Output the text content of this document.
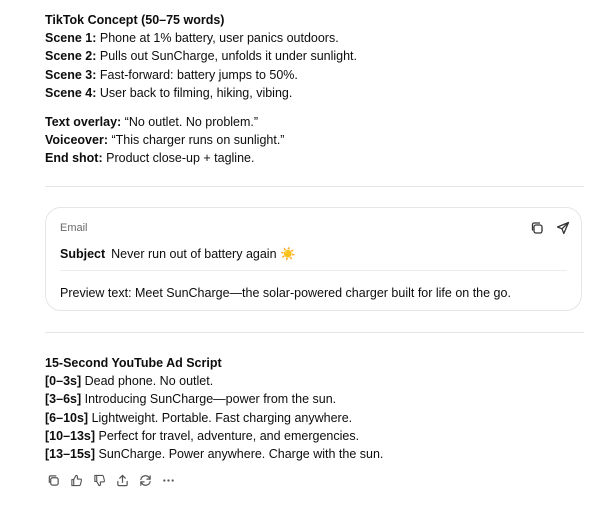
TikTok Concept (50–75 words)
Scene 1: Phone at 1% battery, user panics outdoors.
Scene 2: Pulls out SunCharge, unfolds it under sunlight.
Scene 3: Fast-forward: battery jumps to 50%.
Scene 4: User back to filming, hiking, vibing.
Text overlay: “No outlet. No problem.”
Voiceover: “This charger runs on sunlight.”
End shot: Product close-up + tagline.
Email
Subject Never run out of battery again ☀️
Preview text: Meet SunCharge—the solar-powered charger built for life on the go.
15-Second YouTube Ad Script
[0–3s] Dead phone. No outlet.
[3–6s] Introducing SunCharge—power from the sun.
[6–10s] Lightweight. Portable. Fast charging anywhere.
[10–13s] Perfect for travel, adventure, and emergencies.
[13–15s] SunCharge. Power anywhere. Charge with the sun.
